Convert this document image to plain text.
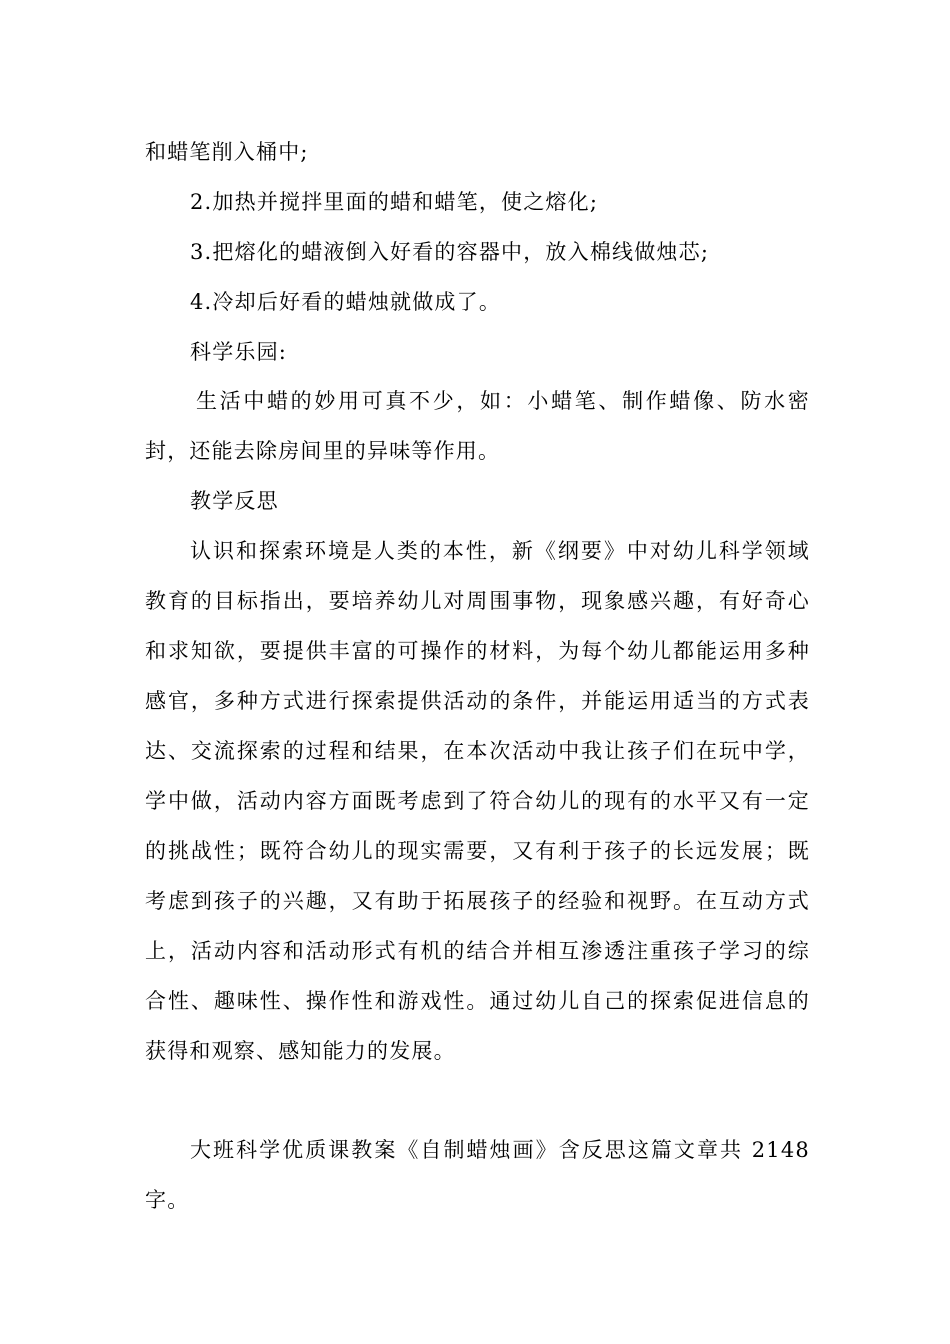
和蜡笔削入桶中;
2.加热并搅拌里面的蜡和蜡笔，使之熔化;
3.把熔化的蜡液倒入好看的容器中，放入棉线做烛芯;
4.冷却后好看的蜡烛就做成了。
科学乐园:
生活中蜡的妙用可真不少，如：小蜡笔、制作蜡像、防水密
封，还能去除房间里的异味等作用。
教学反思
认识和探索环境是人类的本性，新《纲要》中对幼儿科学领域
教育的目标指出，要培养幼儿对周围事物，现象感兴趣，有好奇心
和求知欲，要提供丰富的可操作的材料，为每个幼儿都能运用多种
感官，多种方式进行探索提供活动的条件，并能运用适当的方式表
达、交流探索的过程和结果，在本次活动中我让孩子们在玩中学，
学中做，活动内容方面既考虑到了符合幼儿的现有的水平又有一定
的挑战性；既符合幼儿的现实需要，又有利于孩子的长远发展；既
考虑到孩子的兴趣，又有助于拓展孩子的经验和视野。在互动方式
上，活动内容和活动形式有机的结合并相互渗透注重孩子学习的综
合性、趣味性、操作性和游戏性。通过幼儿自己的探索促进信息的
获得和观察、感知能力的发展。
大班科学优质课教案《自制蜡烛画》含反思这篇文章共 2148
字。
